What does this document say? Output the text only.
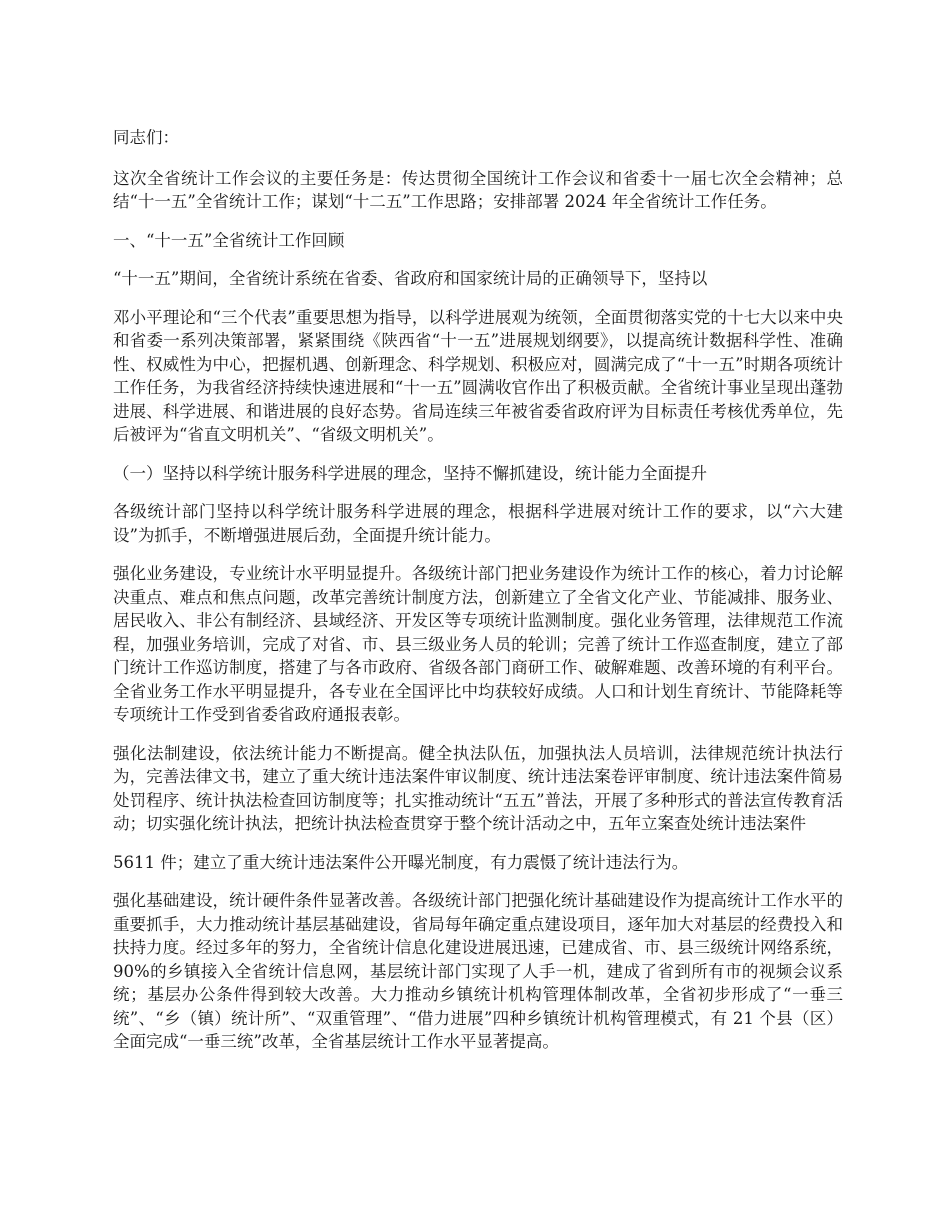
同志们：

这次全省统计工作会议的主要任务是：传达贯彻全国统计工作会议和省委十一届七次全会精神；总结“十一五”全省统计工作；谋划“十二五”工作思路；安排部署 2024 年全省统计工作任务。

一、“十一五”全省统计工作回顾

“十一五”期间，全省统计系统在省委、省政府和国家统计局的正确领导下，坚持以

邓小平理论和“三个代表”重要思想为指导，以科学进展观为统领，全面贯彻落实党的十七大以来中央和省委一系列决策部署，紧紧围绕《陕西省“十一五”进展规划纲要》，以提高统计数据科学性、准确性、权威性为中心，把握机遇、创新理念、科学规划、积极应对，圆满完成了“十一五”时期各项统计工作任务，为我省经济持续快速进展和“十一五”圆满收官作出了积极贡献。全省统计事业呈现出蓬勃进展、科学进展、和谐进展的良好态势。省局连续三年被省委省政府评为目标责任考核优秀单位，先后被评为“省直文明机关”、“省级文明机关”。

（一）坚持以科学统计服务科学进展的理念，坚持不懈抓建设，统计能力全面提升

各级统计部门坚持以科学统计服务科学进展的理念，根据科学进展对统计工作的要求，以“六大建设”为抓手，不断增强进展后劲，全面提升统计能力。

强化业务建设，专业统计水平明显提升。各级统计部门把业务建设作为统计工作的核心，着力讨论解决重点、难点和焦点问题，改革完善统计制度方法，创新建立了全省文化产业、节能减排、服务业、居民收入、非公有制经济、县域经济、开发区等专项统计监测制度。强化业务管理，法律规范工作流程，加强业务培训，完成了对省、市、县三级业务人员的轮训；完善了统计工作巡查制度，建立了部门统计工作巡访制度，搭建了与各市政府、省级各部门商研工作、破解难题、改善环境的有利平台。全省业务工作水平明显提升，各专业在全国评比中均获较好成绩。人口和计划生育统计、节能降耗等专项统计工作受到省委省政府通报表彰。

强化法制建设，依法统计能力不断提高。健全执法队伍，加强执法人员培训，法律规范统计执法行为，完善法律文书，建立了重大统计违法案件审议制度、统计违法案卷评审制度、统计违法案件简易处罚程序、统计执法检查回访制度等；扎实推动统计“五五”普法，开展了多种形式的普法宣传教育活动；切实强化统计执法，把统计执法检查贯穿于整个统计活动之中，五年立案查处统计违法案件

5611 件；建立了重大统计违法案件公开曝光制度，有力震慑了统计违法行为。

强化基础建设，统计硬件条件显著改善。各级统计部门把强化统计基础建设作为提高统计工作水平的重要抓手，大力推动统计基层基础建设，省局每年确定重点建设项目，逐年加大对基层的经费投入和扶持力度。经过多年的努力，全省统计信息化建设进展迅速，已建成省、市、县三级统计网络系统，90%的乡镇接入全省统计信息网，基层统计部门实现了人手一机，建成了省到所有市的视频会议系统；基层办公条件得到较大改善。大力推动乡镇统计机构管理体制改革，全省初步形成了“一垂三统”、“乡（镇）统计所”、“双重管理”、“借力进展”四种乡镇统计机构管理模式，有 21 个县（区）全面完成“一垂三统”改革，全省基层统计工作水平显著提高。
